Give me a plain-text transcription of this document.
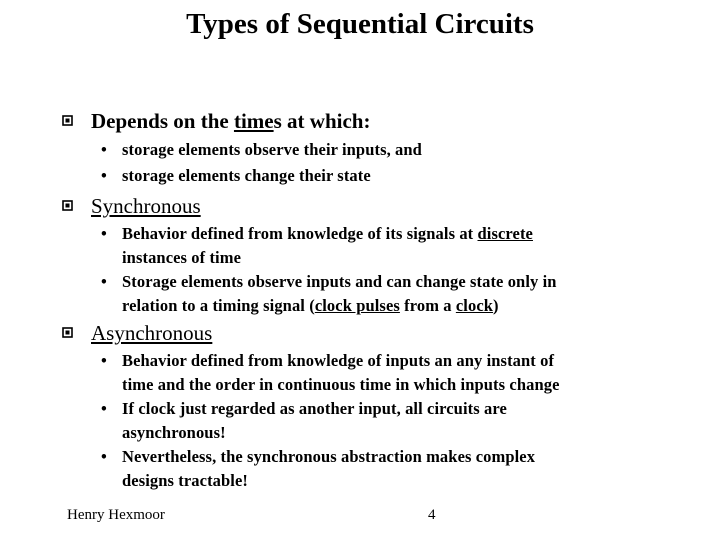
Types of Sequential Circuits
Depends on the times at which:
• storage elements observe their inputs, and
• storage elements change their state
Synchronous
• Behavior defined from knowledge of its signals at discrete
instances of time
• Storage elements observe inputs and can change state only in
relation to a timing signal (clock pulses from a clock)
Asynchronous
• Behavior defined from knowledge of inputs an any instant of
time and the order in continuous time in which inputs change
• If clock just regarded as another input, all circuits are
asynchronous!
• Nevertheless, the synchronous abstraction makes complex
designs tractable!
Henry Hexmoor	4
